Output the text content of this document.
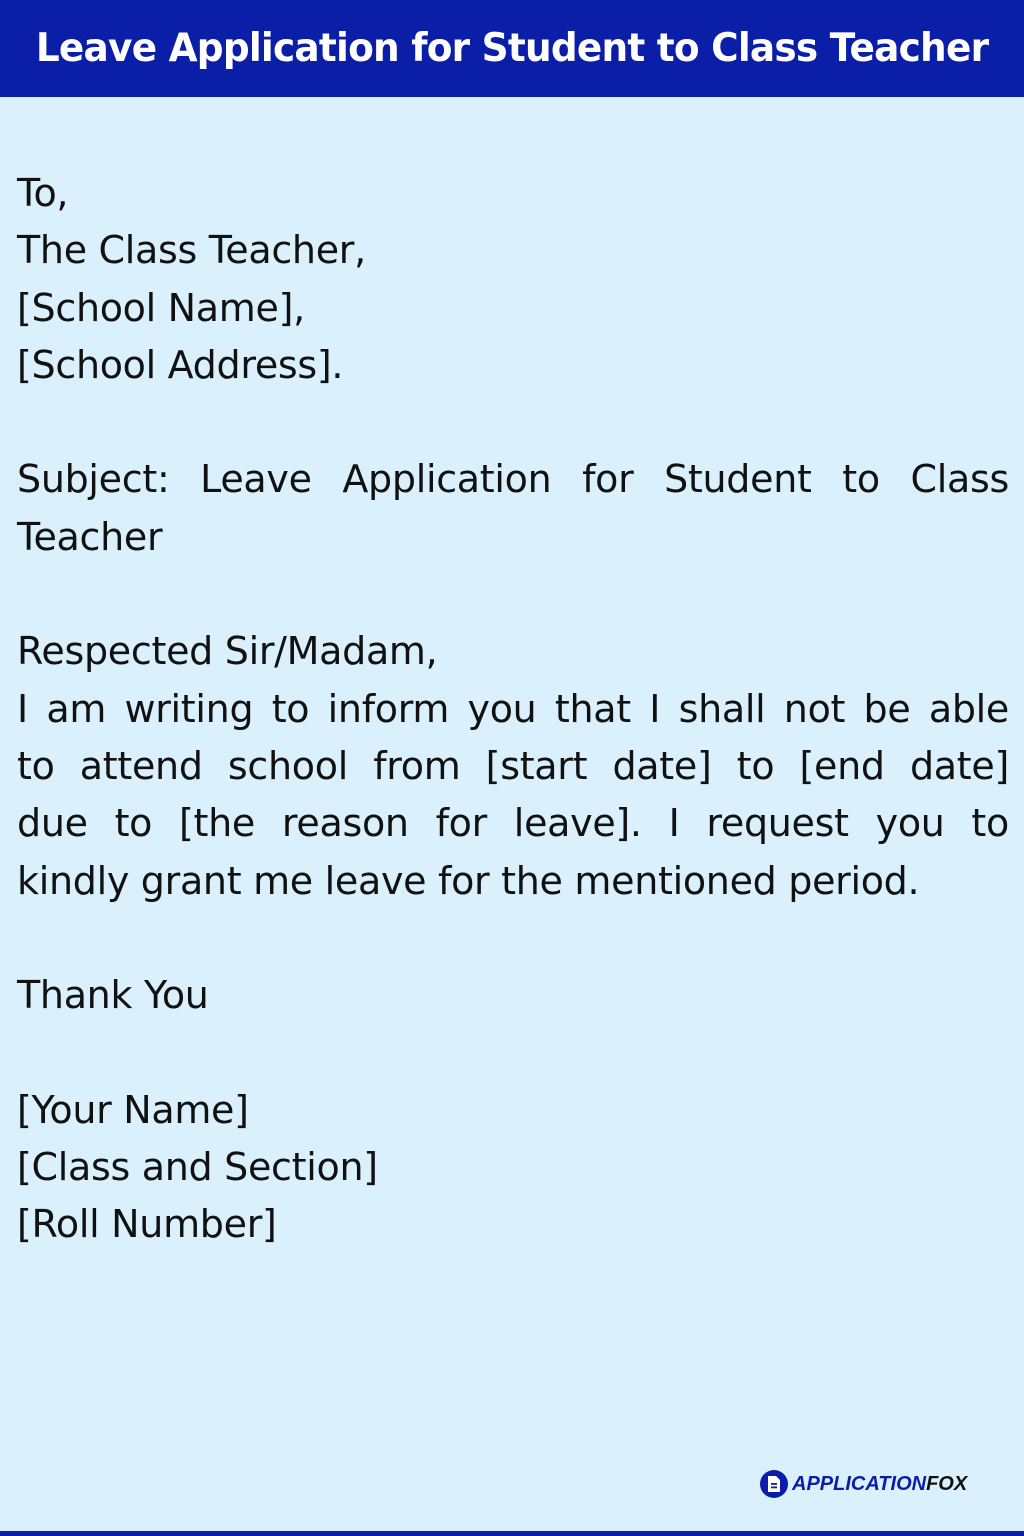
Leave Application for Student to Class Teacher
To,
The Class Teacher,
[School Name],
[School Address].
Subject: Leave Application for Student to Class
Teacher
Respected Sir/Madam,
I am writing to inform you that I shall not be able
to attend school from [start date] to [end date]
due to [the reason for leave]. I request you to
kindly grant me leave for the mentioned period.
Thank You
[Your Name]
[Class and Section]
[Roll Number]
APPLICATIONFOX
